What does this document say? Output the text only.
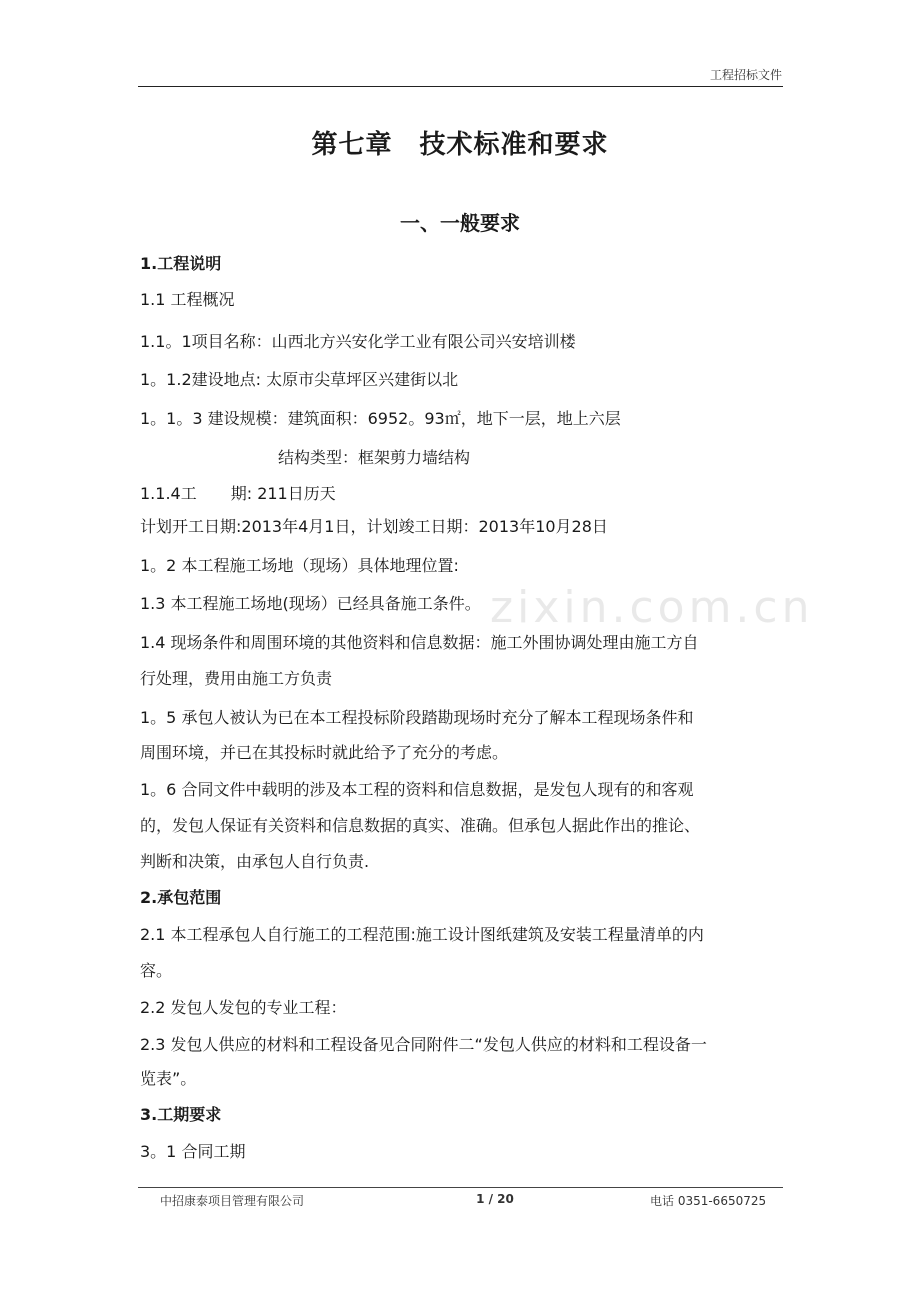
工程招标文件
zixin.com.cn
第七章　技术标准和要求
一、一般要求
1.工程说明
1.1 工程概况
1.1。1项目名称：山西北方兴安化学工业有限公司兴安培训楼
1。1.2建设地点: 太原市尖草坪区兴建街以北
1。1。3 建设规模：建筑面积：6952。93㎡，地下一层，地上六层
结构类型：框架剪力墙结构
1.1.4工 期: 211日历天
计划开工日期:2013年4月1日，计划竣工日期：2013年10月28日
1。2 本工程施工场地（现场）具体地理位置:
1.3 本工程施工场地(现场）已经具备施工条件。
1.4 现场条件和周围环境的其他资料和信息数据：施工外围协调处理由施工方自
行处理，费用由施工方负责
1。5 承包人被认为已在本工程投标阶段踏勘现场时充分了解本工程现场条件和
周围环境，并已在其投标时就此给予了充分的考虑。
1。6 合同文件中载明的涉及本工程的资料和信息数据，是发包人现有的和客观
的，发包人保证有关资料和信息数据的真实、准确。但承包人据此作出的推论、
判断和决策，由承包人自行负责.
2.承包范围
2.1 本工程承包人自行施工的工程范围:施工设计图纸建筑及安装工程量清单的内
容。
2.2 发包人发包的专业工程：
2.3 发包人供应的材料和工程设备见合同附件二“发包人供应的材料和工程设备一
览表”。
3.工期要求
3。1 合同工期
中招康泰项目管理有限公司	1 / 20	电话 0351-6650725
